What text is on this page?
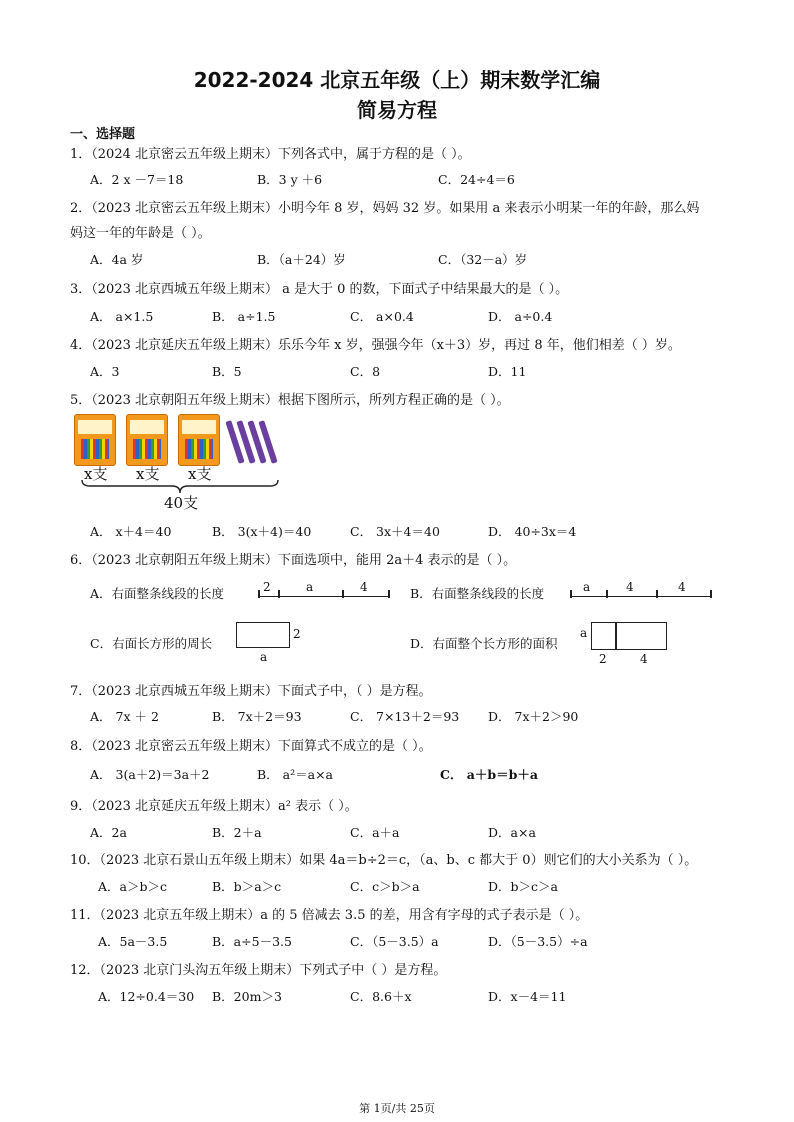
2022-2024 北京五年级（上）期末数学汇编
简易方程
一、选择题
1．（2024 北京密云五年级上期末）下列各式中，属于方程的是（ ）。
A．2 x －7＝18	B．3 y ＋6	C．24÷4＝6
2．（2023 北京密云五年级上期末）小明今年 8 岁，妈妈 32 岁。如果用 a 来表示小明某一年的年龄，那么妈
妈这一年的年龄是（ ）。
A．4a 岁	B．（a＋24）岁	C．（32－a）岁
3．（2023 北京西城五年级上期末） a 是大于 0 的数，下面式子中结果最大的是（ ）。
A． a×1.5	B． a÷1.5	C． a×0.4	D． a÷0.4
4．（2023 北京延庆五年级上期末）乐乐今年 x 岁，强强今年（x＋3）岁，再过 8 年，他们相差（ ）岁。
A．3	B．5	C．8	D．11
5．（2023 北京朝阳五年级上期末）根据下图所示，所列方程正确的是（ ）。
x支 x支 x支
40支
A． x＋4＝40	B． 3(x＋4)＝40	C． 3x＋4＝40	D． 40÷3x＝4
6．（2023 北京朝阳五年级上期末）下面选项中，能用 2a＋4 表示的是（ ）。
A．右面整条线段的长度	2	a	4	B．右面整条线段的长度	a	4	4
C．右面长方形的周长
2
a
D．右面整个长方形的面积
a
2	4
7．（2023 北京西城五年级上期末）下面式子中，（ ）是方程。
A． 7x ＋ 2	B． 7x＋2＝93	C． 7×13＋2＝93 D． 7x＋2＞90
8．（2023 北京密云五年级上期末）下面算式不成立的是（ ）。
A． 3(a＋2)＝3a＋2	B． a²＝a×a	C． a＋b＝b＋a
9．（2023 北京延庆五年级上期末）a² 表示（ ）。
A．2a	B．2＋a	C．a＋a	D．a×a
10．（2023 北京石景山五年级上期末）如果 4a＝b÷2＝c，（a、b、c 都大于 0）则它们的大小关系为（ ）。
A．a＞b＞c	B．b＞a＞c	C．c＞b＞a	D．b＞c＞a
11．（2023 北京五年级上期末）a 的 5 倍减去 3.5 的差，用含有字母的式子表示是（ ）。
A．5a－3.5	B．a÷5－3.5	C．（5－3.5）a	D．（5－3.5）÷a
12．（2023 北京门头沟五年级上期末）下列式子中（ ）是方程。
A．12÷0.4＝30 B．20m＞3	C．8.6＋x	D．x－4＝11
第 1页/共 25页
